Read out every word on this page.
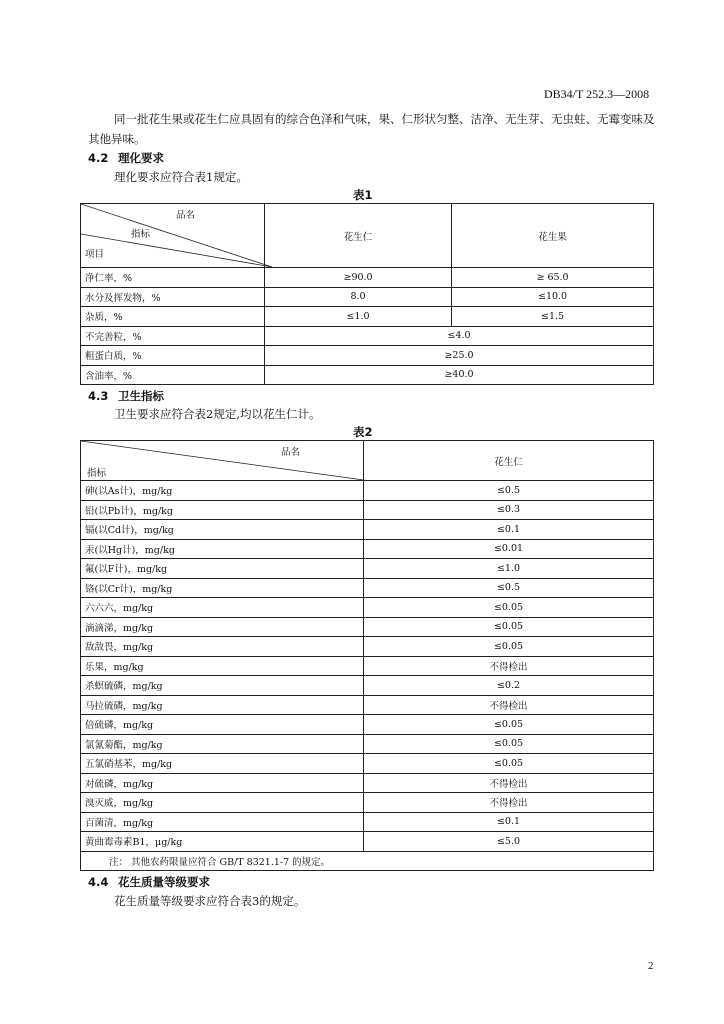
DB34/T 252.3—2008
同一批花生果或花生仁应具固有的综合色泽和气味，果、仁形状匀整、洁净、无生芽、无虫蛀、无霉变味及其他异味。
4.2 理化要求
理化要求应符合表1规定。
表1
品名
指标
项目	花生仁	花生果
净仁率，%	≥90.0	≥ 65.0
水分及挥发物，%	8.0	≤10.0
杂质，%	≤1.0	≤1.5
不完善粒，%	≤4.0	
粗蛋白质，%	≥25.0	
含油率，%	≥40.0	
4.3 卫生指标
卫生要求应符合表2规定,均以花生仁计。
表2
品名
指标	花生仁
砷(以As计)，mg/kg	≤0.5
铅(以Pb计)，mg/kg	≤0.3
镉(以Cd计)，mg/kg	≤0.1
汞(以Hg计)，mg/kg	≤0.01
氟(以F计)，mg/kg	≤1.0
铬(以Cr计)，mg/kg	≤0.5
六六六，mg/kg	≤0.05
滴滴涕，mg/kg	≤0.05
敌敌畏，mg/kg	≤0.05
乐果，mg/kg	不得检出
杀螟硫磷，mg/kg	≤0.2
马拉硫磷，mg/kg	不得检出
倍硫磷，mg/kg	≤0.05
氯氰菊酯，mg/kg	≤0.05
五氯硝基苯，mg/kg	≤0.05
对硫磷，mg/kg	不得检出
溴灭威，mg/kg	不得检出
百菌清，mg/kg	≤0.1
黄曲霉毒素B1，μg/kg	≤5.0
注： 其他农药限量应符合 GB/T 8321.1-7 的规定。	
4.4 花生质量等级要求
花生质量等级要求应符合表3的规定。
2
